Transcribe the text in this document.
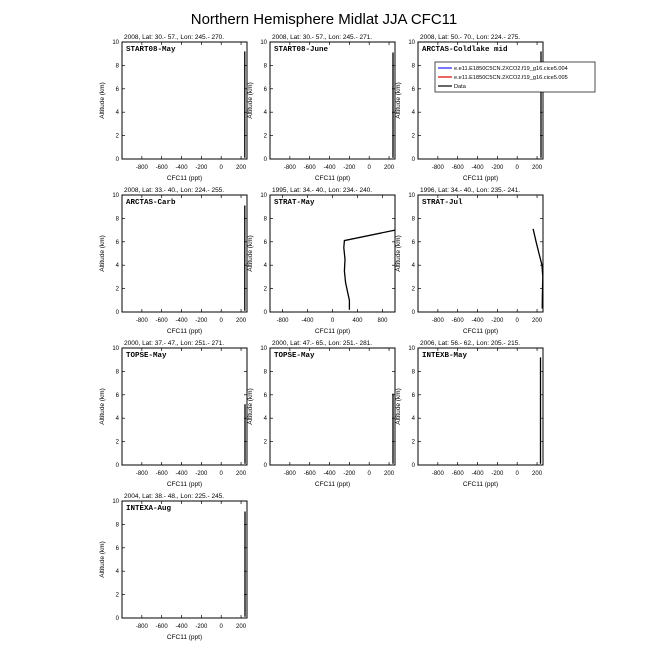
Northern Hemisphere Midlat JJA CFC11
2008, Lat: 30.- 57., Lon: 245.- 270.
START08-May
0
2
4
6
8
10
-800 -600 -400 -200 0 200
CFC11 (ppt)
Altitude (km)
2008, Lat: 30.- 57., Lon: 245.- 271.
START08-June
0
2
4
6
8
10
-800 -600 -400 -200 0 200
CFC11 (ppt)
Altitude (km)
2008, Lat: 50.- 70., Lon: 224.- 275.
ARCTAS-Coldlake mid
0
2
4
6
8
10
-800 -600 -400 -200 0 200
CFC11 (ppt)
Altitude (km)
e.e11.E1850C5CN.2XCO2.f19_g16.cice5.004
e.e11.E1850C5CN.2XCO2.f19_g16.cice5.005
Data
2008, Lat: 33.- 40., Lon: 224.- 255.
ARCTAS-Carb
0
2
4
6
8
10
-800 -600 -400 -200 0 200
CFC11 (ppt)
Altitude (km)
1995, Lat: 34.- 40., Lon: 234.- 240.
STRAT-May
0
2
4
6
8
10
-800 -400	0	400 800
CFC11 (ppt)
Altitude (km)
1996, Lat: 34.- 40., Lon: 235.- 241.
STRAT-Jul
0
2
4
6
8
10
-800 -600 -400 -200 0 200
CFC11 (ppt)
Altitude (km)
2000, Lat: 37.- 47., Lon: 251.- 271.
TOPSE-May
0
2
4
6
8
10
-800 -600 -400 -200 0 200
CFC11 (ppt)
Altitude (km)
2000, Lat: 47.- 65., Lon: 251.- 281.
TOPSE-May
0
2
4
6
8
10
-800 -600 -400 -200 0 200
CFC11 (ppt)
Altitude (km)
2006, Lat: 56.- 62., Lon: 205.- 215.
INTEXB-May
0
2
4
6
8
10
-800 -600 -400 -200 0 200
CFC11 (ppt)
Altitude (km)
2004, Lat: 38.- 48., Lon: 225.- 245.
INTEXA-Aug
0
2
4
6
8
10
-800 -600 -400 -200 0 200
CFC11 (ppt)
Altitude (km)
